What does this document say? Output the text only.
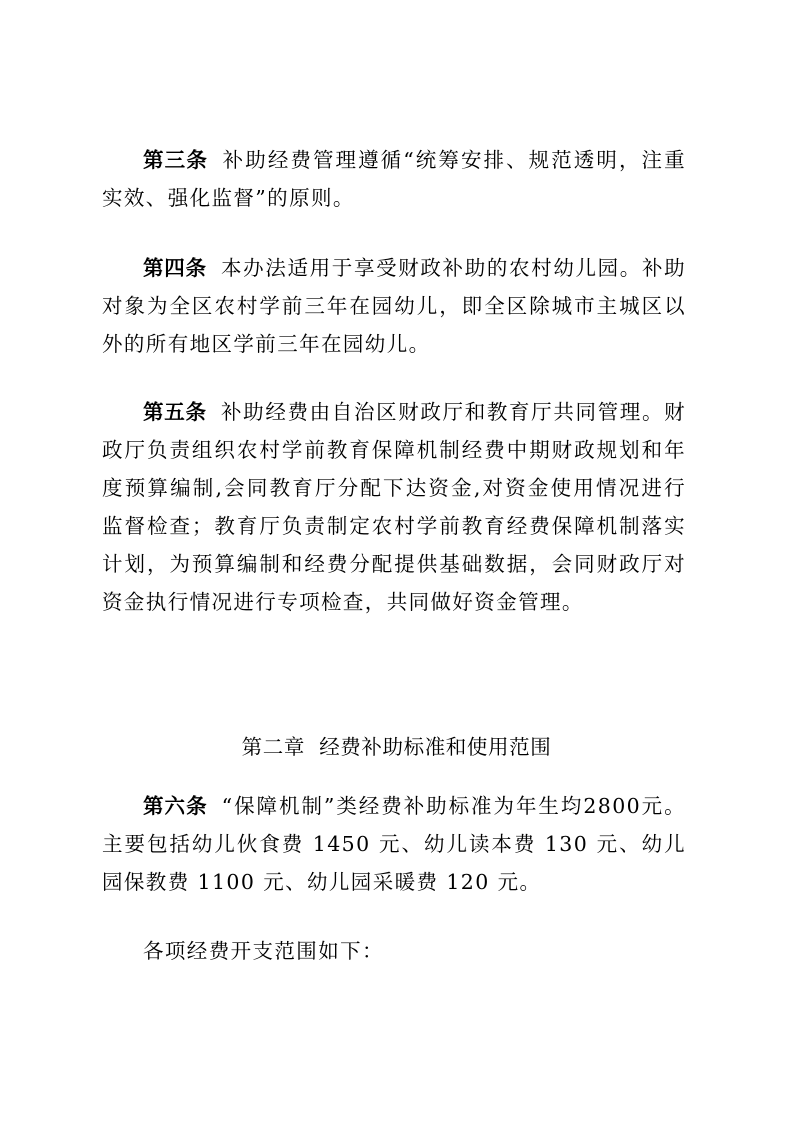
第三条 补助经费管理遵循“统筹安排、规范透明，注重实效、强化监督”的原则。

第四条 本办法适用于享受财政补助的农村幼儿园。补助对象为全区农村学前三年在园幼儿，即全区除城市主城区以外的所有地区学前三年在园幼儿。

第五条 补助经费由自治区财政厅和教育厅共同管理。财政厅负责组织农村学前教育保障机制经费中期财政规划和年度预算编制,会同教育厅分配下达资金,对资金使用情况进行监督检查；教育厅负责制定农村学前教育经费保障机制落实计划，为预算编制和经费分配提供基础数据，会同财政厅对资金执行情况进行专项检查，共同做好资金管理。

第二章  经费补助标准和使用范围

第六条 “保障机制”类经费补助标准为年生均2800元。主要包括幼儿伙食费 1450 元、幼儿读本费 130 元、幼儿园保教费 1100 元、幼儿园采暖费 120 元。

各项经费开支范围如下：
